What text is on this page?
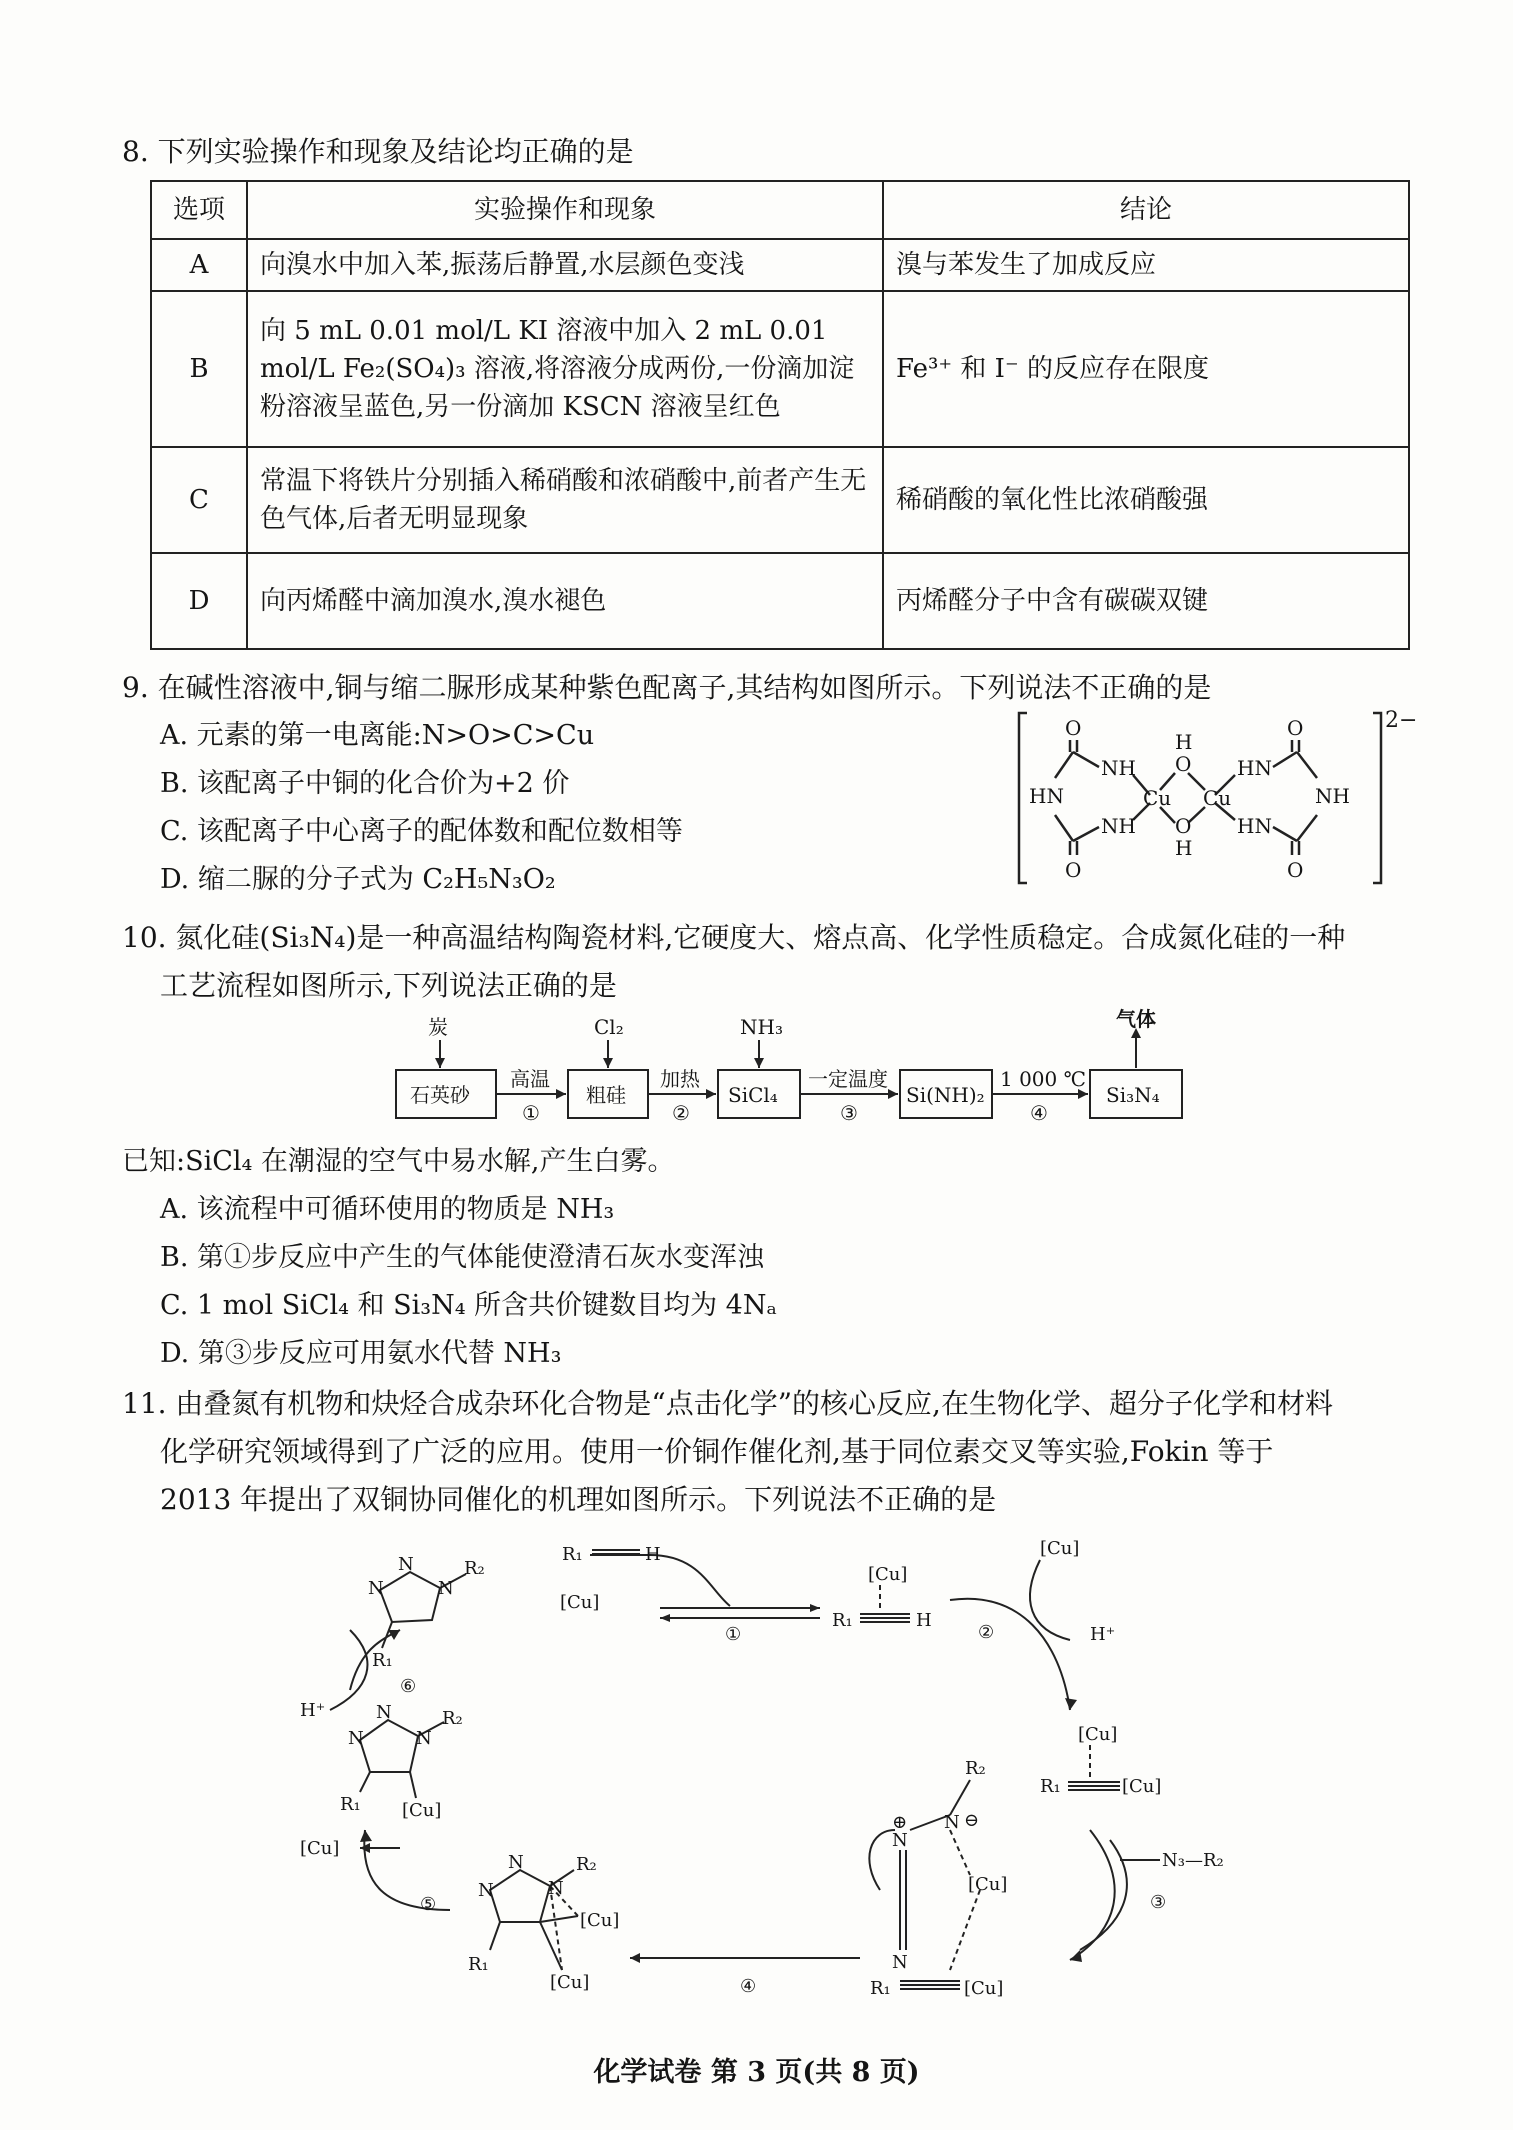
8. 下列实验操作和现象及结论均正确的是
选项	实验操作和现象	结论
A	向溴水中加入苯,振荡后静置,水层颜色变浅	溴与苯发生了加成反应
B	向 5 mL 0.01 mol/L KI 溶液中加入 2 mL 0.01 mol/L Fe₂(SO₄)₃ 溶液,将溶液分成两份,一份滴加淀粉溶液呈蓝色,另一份滴加 KSCN 溶液呈红色	Fe³⁺ 和 I⁻ 的反应存在限度
C	常温下将铁片分别插入稀硝酸和浓硝酸中,前者产生无色气体,后者无明显现象	稀硝酸的氧化性比浓硝酸强
D	向丙烯醛中滴加溴水,溴水褪色	丙烯醛分子中含有碳碳双键
9. 在碱性溶液中,铜与缩二脲形成某种紫色配离子,其结构如图所示。下列说法不正确的是
A. 元素的第一电离能:N>O>C>Cu
B. 该配离子中铜的化合价为+2 价
C. 该配离子中心离子的配体数和配位数相等
D. 缩二脲的分子式为 C₂H₅N₃O₂
O
O
NH
NH
HN	Cu
O
O
H
H
Cu
HN
HN
NH
O
O
2−
10. 氮化硅(Si₃N₄)是一种高温结构陶瓷材料,它硬度大、熔点高、化学性质稳定。合成氮化硅的一种
工艺流程如图所示,下列说法正确的是
石英砂	粗硅	SiCl₄	Si(NH)₂	Si₃N₄
炭	Cl₂	NH₃
高温	加热	一定温度	1 000 ℃
①	②	③	④
气体
已知:SiCl₄ 在潮湿的空气中易水解,产生白雾。
A. 该流程中可循环使用的物质是 NH₃
B. 第①步反应中产生的气体能使澄清石灰水变浑浊
C. 1 mol SiCl₄ 和 Si₃N₄ 所含共价键数目均为 4Nₐ
D. 第③步反应可用氨水代替 NH₃
11. 由叠氮有机物和炔烃合成杂环化合物是“点击化学”的核心反应,在生物化学、超分子化学和材料
化学研究领域得到了广泛的应用。使用一价铜作催化剂,基于同位素交叉等实验,Fokin 等于
2013 年提出了双铜协同催化的机理如图所示。下列说法不正确的是
N
N	N
R₂
R₁
[Cu]
R₁	H
①
[Cu]
R₁	H
②
[Cu]
H⁺
[Cu]
R₁	[Cu]
N₃—R₂
③
R₂
N ⊖
⊕
N
N
[Cu]
R₁	[Cu]
④
N
N	N
R₂
[Cu]
[Cu]
R₁
⑤
[Cu]
N
N	N
R₂
R₁ [Cu]
H⁺
⑥
化学试卷 第 3 页(共 8 页)
